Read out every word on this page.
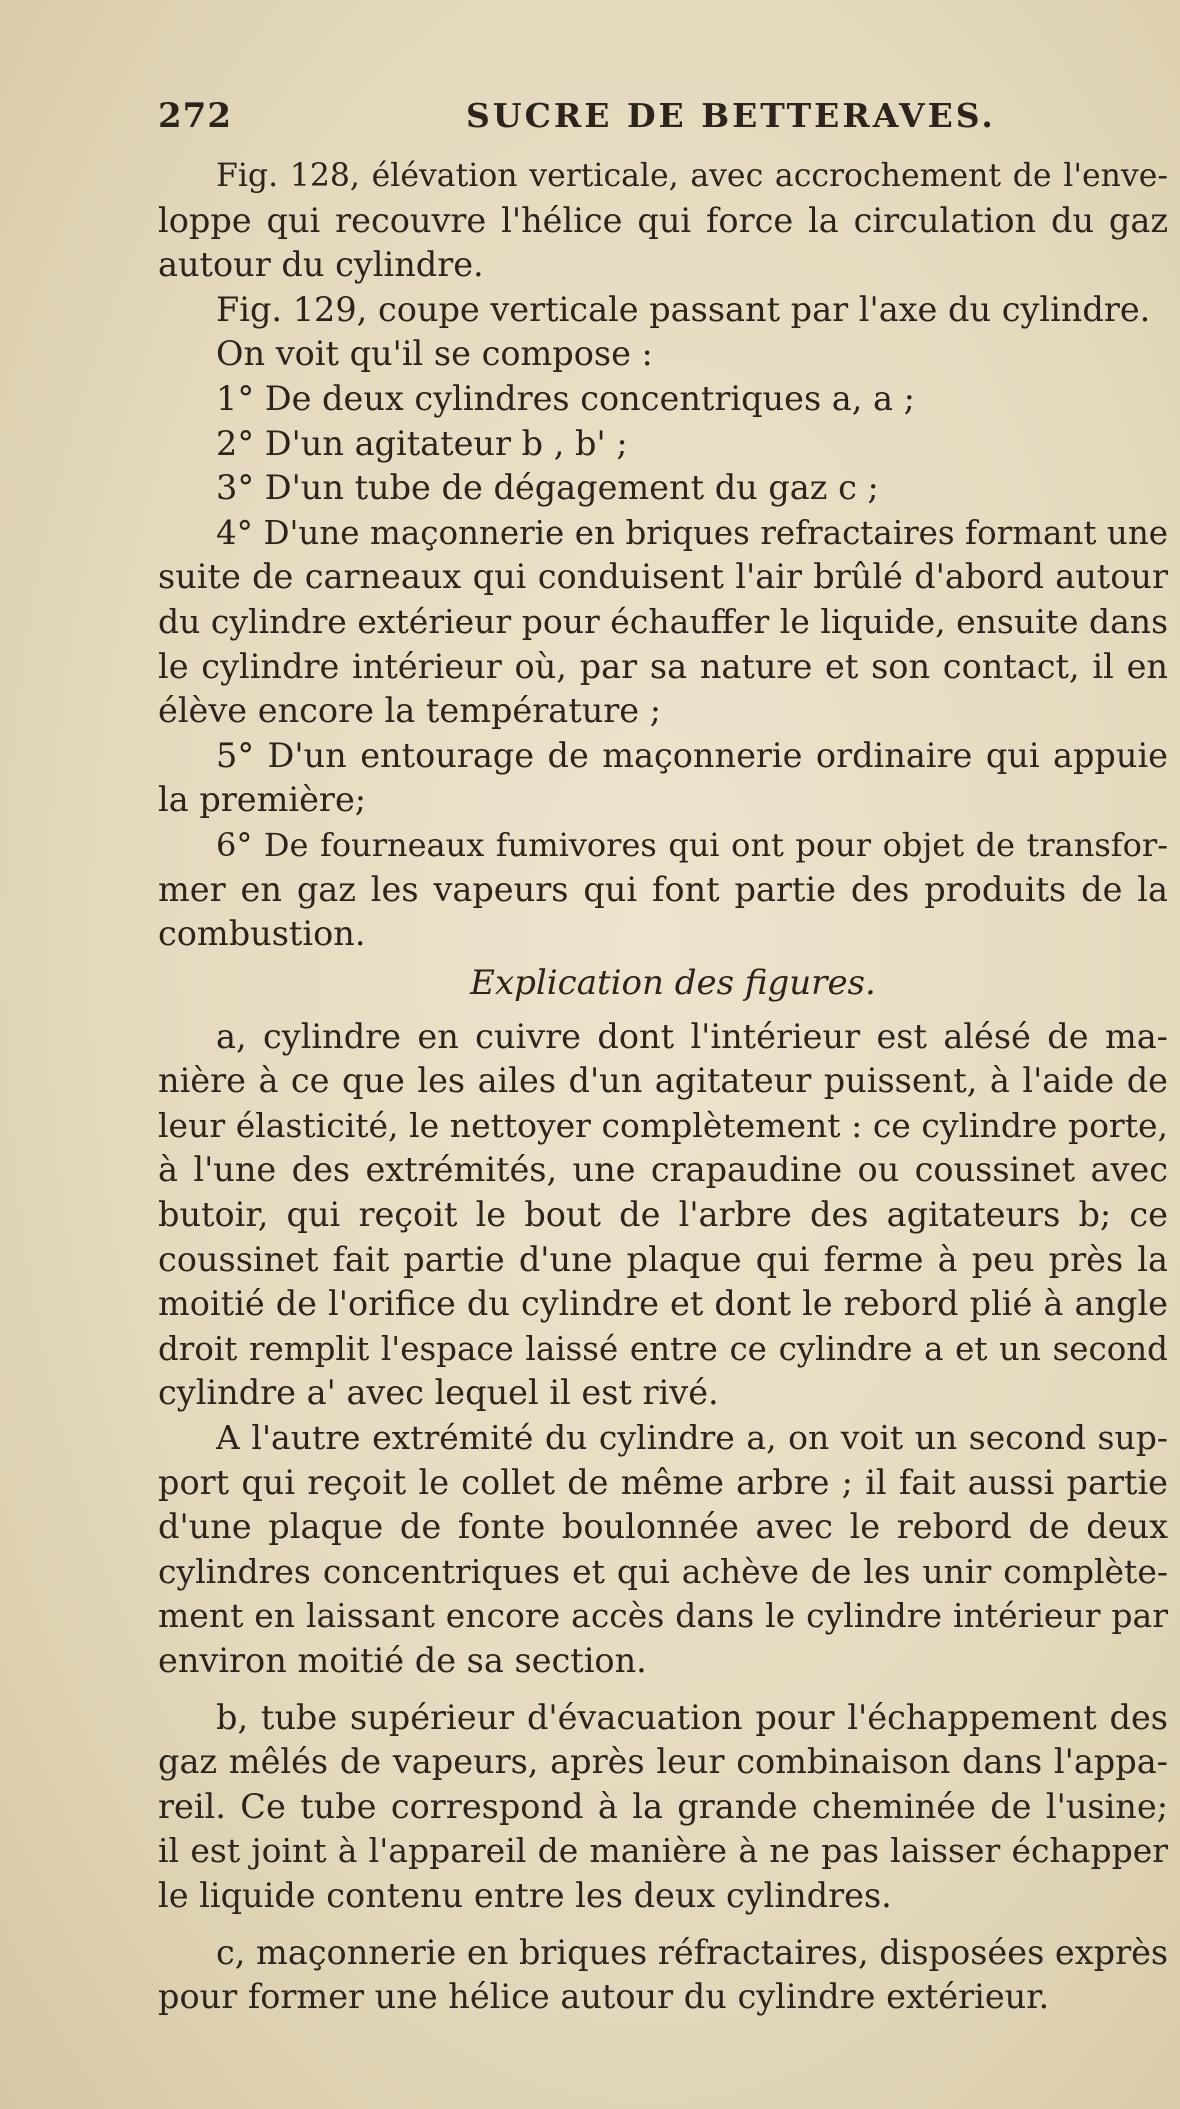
272	SUCRE DE BETTERAVES.
Fig. 128, élévation verticale, avec accrochement de l'enve-
loppe qui recouvre l'hélice qui force la circulation du gaz
autour du cylindre.
Fig. 129, coupe verticale passant par l'axe du cylindre.
On voit qu'il se compose :
1° De deux cylindres concentriques a, a ;
2° D'un agitateur b , b' ;
3° D'un tube de dégagement du gaz c ;
4° D'une maçonnerie en briques refractaires formant une
suite de carneaux qui conduisent l'air brûlé d'abord autour
du cylindre extérieur pour échauffer le liquide, ensuite dans
le cylindre intérieur où, par sa nature et son contact, il en
élève encore la température ;
5° D'un entourage de maçonnerie ordinaire qui appuie
la première;
6° De fourneaux fumivores qui ont pour objet de transfor-
mer en gaz les vapeurs qui font partie des produits de la
combustion.
Explication des figures.
a, cylindre en cuivre dont l'intérieur est alésé de ma-
nière à ce que les ailes d'un agitateur puissent, à l'aide de
leur élasticité, le nettoyer complètement : ce cylindre porte,
à l'une des extrémités, une crapaudine ou coussinet avec
butoir, qui reçoit le bout de l'arbre des agitateurs b; ce
coussinet fait partie d'une plaque qui ferme à peu près la
moitié de l'orifice du cylindre et dont le rebord plié à angle
droit remplit l'espace laissé entre ce cylindre a et un second
cylindre a' avec lequel il est rivé.
A l'autre extrémité du cylindre a, on voit un second sup-
port qui reçoit le collet de même arbre ; il fait aussi partie
d'une plaque de fonte boulonnée avec le rebord de deux
cylindres concentriques et qui achève de les unir complète-
ment en laissant encore accès dans le cylindre intérieur par
environ moitié de sa section.
b, tube supérieur d'évacuation pour l'échappement des
gaz mêlés de vapeurs, après leur combinaison dans l'appa-
reil. Ce tube correspond à la grande cheminée de l'usine;
il est joint à l'appareil de manière à ne pas laisser échapper
le liquide contenu entre les deux cylindres.
c, maçonnerie en briques réfractaires, disposées exprès
pour former une hélice autour du cylindre extérieur.
